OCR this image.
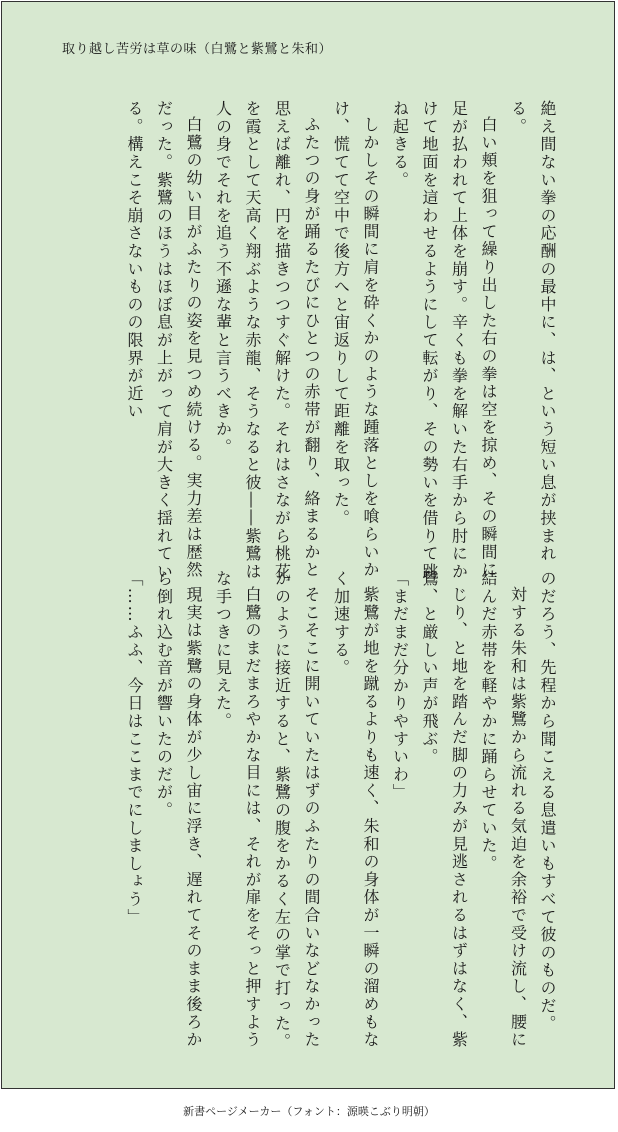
取り越し苦労は草の味（白鷺と紫鷺と朱和）

絶え間ない拳の応酬の最中に、は、という短い息が挟まれる。

白い頬を狙って繰り出した右の拳は空を掠め、その瞬間に足が払われて上体を崩す。辛くも拳を解いた右手から肘にかけて地面を這わせるようにして転がり、その勢いを借りて跳ね起きる。

しかしその瞬間に肩を砕くかのような踵落としを喰らいかけ、慌てて空中で後方へと宙返りして距離を取った。

ふたつの身が踊るたびにひとつの赤帯が翻り、絡まるかと思えば離れ、円を描きつつすぐ解けた。それはさながら桃花を霞として天高く翔ぶような赤龍、そうなると彼――紫鷺は人の身でそれを追う不遜な輩と言うべきか。

白鷺の幼い目がふたりの姿を見つめ続ける。実力差は歴然だった。紫鷺のほうはほぼ息が上がって肩が大きく揺れている。構えこそ崩さないものの限界が近い

のだろう、先程から聞こえる息遣いもすべて彼のものだ。

対する朱和は紫鷺から流れる気迫を余裕で受け流し、腰に結んだ赤帯を軽やかに踊らせていた。

じり、と地を踏んだ脚の力みが見逃されるはずはなく、紫鷺、と厳しい声が飛ぶ。

「まだまだ分かりやすいわ」

紫鷺が地を蹴るよりも速く、朱和の身体が一瞬の溜めもなく加速する。

そこそこに開いていたはずのふたりの間合いなどなかったかのように接近すると、紫鷺の腹をかるく左の掌で打った。

白鷺のまだまろやかな目には、それが扉をそっと押すような手つきに見えた。

現実は紫鷺の身体が少し宙に浮き、遅れてそのまま後ろから倒れ込む音が響いたのだが。

「……ふふ、今日はここまでにしましょう」

新書ページメーカー（フォント：源暎こぶり明朝）
